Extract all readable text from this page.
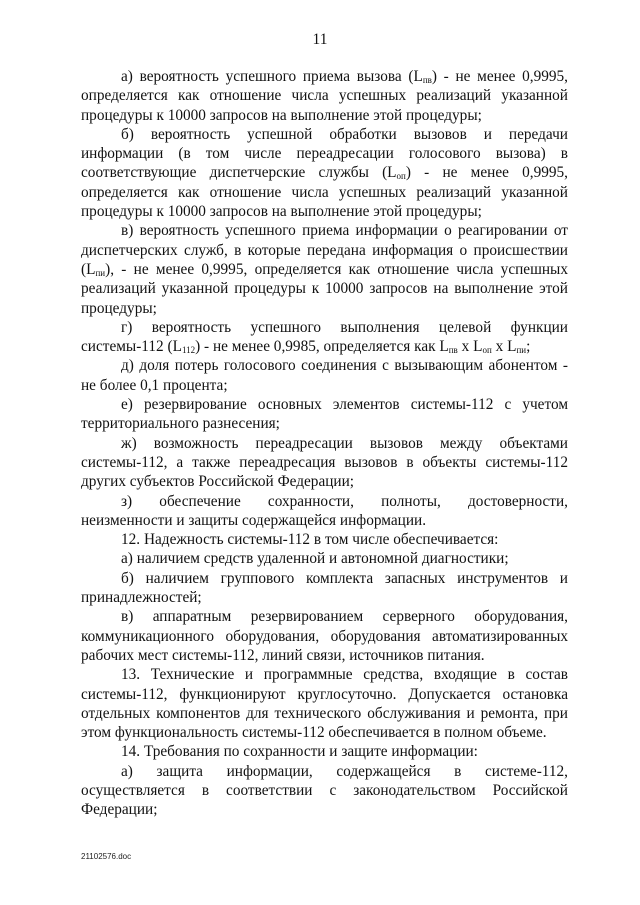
11

а) вероятность успешного приема вызова $(L_{пв})$ - не менее 0,9995, определяется как отношение числа успешных реализаций указанной процедуры к 10000 запросов на выполнение этой процедуры;

б) вероятность успешной обработки вызовов и передачи информации (в том числе переадресации голосового вызова) в соответствующие диспетчерские службы $(L_{оп})$ - не менее 0,9995, определяется как отношение числа успешных реализаций указанной процедуры к 10000 запросов на выполнение этой процедуры;

в) вероятность успешного приема информации о реагировании от диспетчерских служб, в которые передана информация о происшествии $(L_{пи})$, - не менее 0,9995, определяется как отношение числа успешных реализаций указанной процедуры к 10000 запросов на выполнение этой процедуры;

г) вероятность успешного выполнения целевой функции системы-112 $(L_{112})$ - не менее 0,9985, определяется как $L_{пв}$ x $L_{оп}$ x $L_{пи}$;

д) доля потерь голосового соединения с вызывающим абонентом - не более 0,1 процента;

е) резервирование основных элементов системы-112 с учетом территориального разнесения;

ж) возможность переадресации вызовов между объектами системы-112, а также переадресация вызовов в объекты системы-112 других субъектов Российской Федерации;

з) обеспечение сохранности, полноты, достоверности, неизменности и защиты содержащейся информации.

12. Надежность системы-112 в том числе обеспечивается:

а) наличием средств удаленной и автономной диагностики;

б) наличием группового комплекта запасных инструментов и принадлежностей;

в) аппаратным резервированием серверного оборудования, коммуникационного оборудования, оборудования автоматизированных рабочих мест системы-112, линий связи, источников питания.

13. Технические и программные средства, входящие в состав системы-112, функционируют круглосуточно. Допускается остановка отдельных компонентов для технического обслуживания и ремонта, при этом функциональность системы-112 обеспечивается в полном объеме.

14. Требования по сохранности и защите информации:

а) защита информации, содержащейся в системе-112, осуществляется в соответствии с законодательством Российской Федерации;

21102576.doc
